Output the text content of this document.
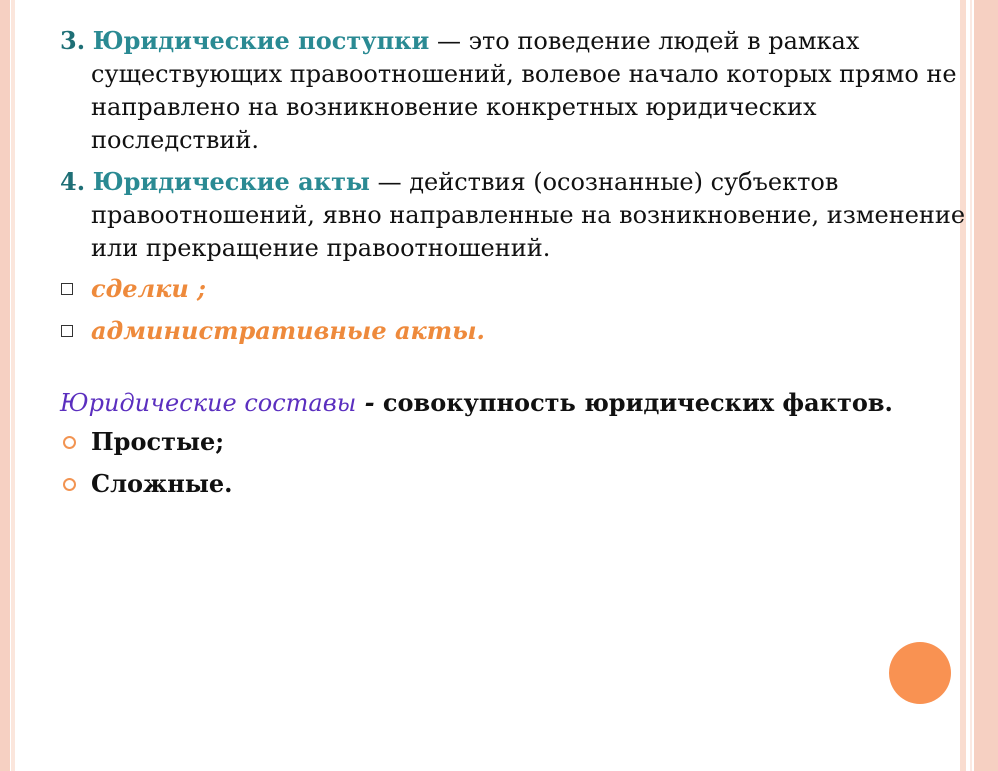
3. Юридические поступки — это поведение людей в рамках существующих правоотношений, волевое начало которых прямо не направлено на возникновение конкретных юридических последствий.

4. Юридические акты — действия (осознанные) субъектов правоотношений, явно направленные на возникновение, изменение или прекращение правоотношений.

сделки ;
административные акты.

Юридические составы - совокупность юридических фактов.

Простые;
Сложные.
